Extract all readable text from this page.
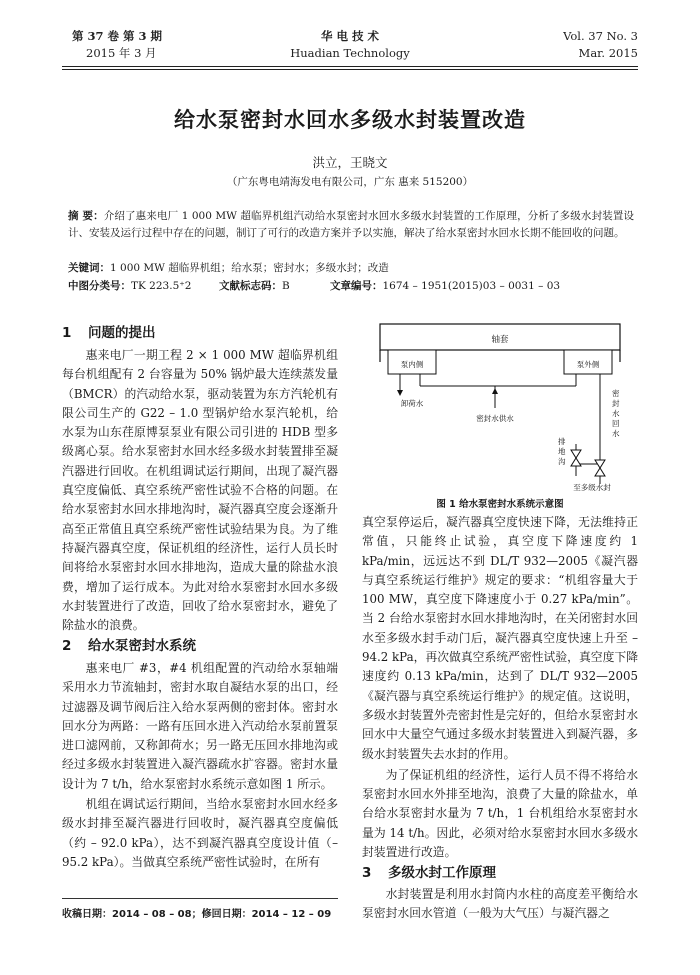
第 37 卷 第 3 期
2015 年 3 月
华 电 技 术
Huadian Technology
Vol. 37 No. 3
Mar. 2015
给水泵密封水回水多级水封装置改造
洪立，王晓文
（广东粤电靖海发电有限公司，广东 惠来 515200）
摘 要：介绍了惠来电厂 1 000 MW 超临界机组汽动给水泵密封水回水多级水封装置的工作原理，分析了多级水封装置设计、安装及运行过程中存在的问题，制订了可行的改造方案并予以实施，解决了给水泵密封水回水长期不能回收的问题。
关键词：1 000 MW 超临界机组；给水泵；密封水；多级水封；改造
中图分类号：TK 223.5⁺2	文献标志码：B	文章编号：1674 – 1951(2015)03 – 0031 – 03
1 问题的提出

惠来电厂一期工程 2 × 1 000 MW 超临界机组每台机组配有 2 台容量为 50% 锅炉最大连续蒸发量（BMCR）的汽动给水泵，驱动装置为东方汽轮机有限公司生产的 G22 – 1.0 型锅炉给水泵汽轮机，给水泵为山东荏原博泵泵业有限公司引进的 HDB 型多级离心泵。给水泵密封水回水经多级水封装置排至凝汽器进行回收。在机组调试运行期间，出现了凝汽器真空度偏低、真空系统严密性试验不合格的问题。在给水泵密封水回水排地沟时，凝汽器真空度会逐渐升高至正常值且真空系统严密性试验结果为良。为了维持凝汽器真空度，保证机组的经济性，运行人员长时间将给水泵密封水回水排地沟，造成大量的除盐水浪费，增加了运行成本。为此对给水泵密封水回水多级水封装置进行了改造，回收了给水泵密封水，避免了除盐水的浪费。

2 给水泵密封水系统

惠来电厂 #3，#4 机组配置的汽动给水泵轴端采用水力节流轴封，密封水取自凝结水泵的出口，经过滤器及调节阀后注入给水泵两侧的密封体。密封水回水分为两路：一路有压回水进入汽动给水泵前置泵进口滤网前，又称卸荷水；另一路无压回水排地沟或经过多级水封装置进入凝汽器疏水扩容器。密封水量设计为 7 t/h，给水泵密封水系统示意如图 1 所示。

机组在调试运行期间，当给水泵密封水回水经多级水封排至凝汽器进行回收时，凝汽器真空度偏低（约 – 92.0 kPa），达不到凝汽器真空度设计值（– 95.2 kPa）。当做真空系统严密性试验时，在所有

收稿日期：2014 – 08 – 08；修回日期：2014 – 12 – 09
轴套
泵内侧	泵外侧
密封水供水
卸荷水
密封水回水
排地沟
至多级水封
图 1 给水泵密封水系统示意图

真空泵停运后，凝汽器真空度快速下降，无法维持正常值，只能终止试验，真空度下降速度约 1 kPa/min，远远达不到 DL/T 932—2005《凝汽器与真空系统运行维护》规定的要求：“机组容量大于 100 MW，真空度下降速度小于 0.27 kPa/min”。当 2 台给水泵密封水回水排地沟时，在关闭密封水回水至多级水封手动门后，凝汽器真空度快速上升至 – 94.2 kPa，再次做真空系统严密性试验，真空度下降速度约 0.13 kPa/min，达到了 DL/T 932—2005《凝汽器与真空系统运行维护》的规定值。这说明，多级水封装置外壳密封性是完好的，但给水泵密封水回水中大量空气通过多级水封装置进入到凝汽器，多级水封装置失去水封的作用。

为了保证机组的经济性，运行人员不得不将给水泵密封水回水外排至地沟，浪费了大量的除盐水，单台给水泵密封水量为 7 t/h，1 台机组给水泵密封水量为 14 t/h。因此，必须对给水泵密封水回水多级水封装置进行改造。

3 多级水封工作原理

水封装置是利用水封筒内水柱的高度差平衡给水泵密封水回水管道（一般为大气压）与凝汽器之
